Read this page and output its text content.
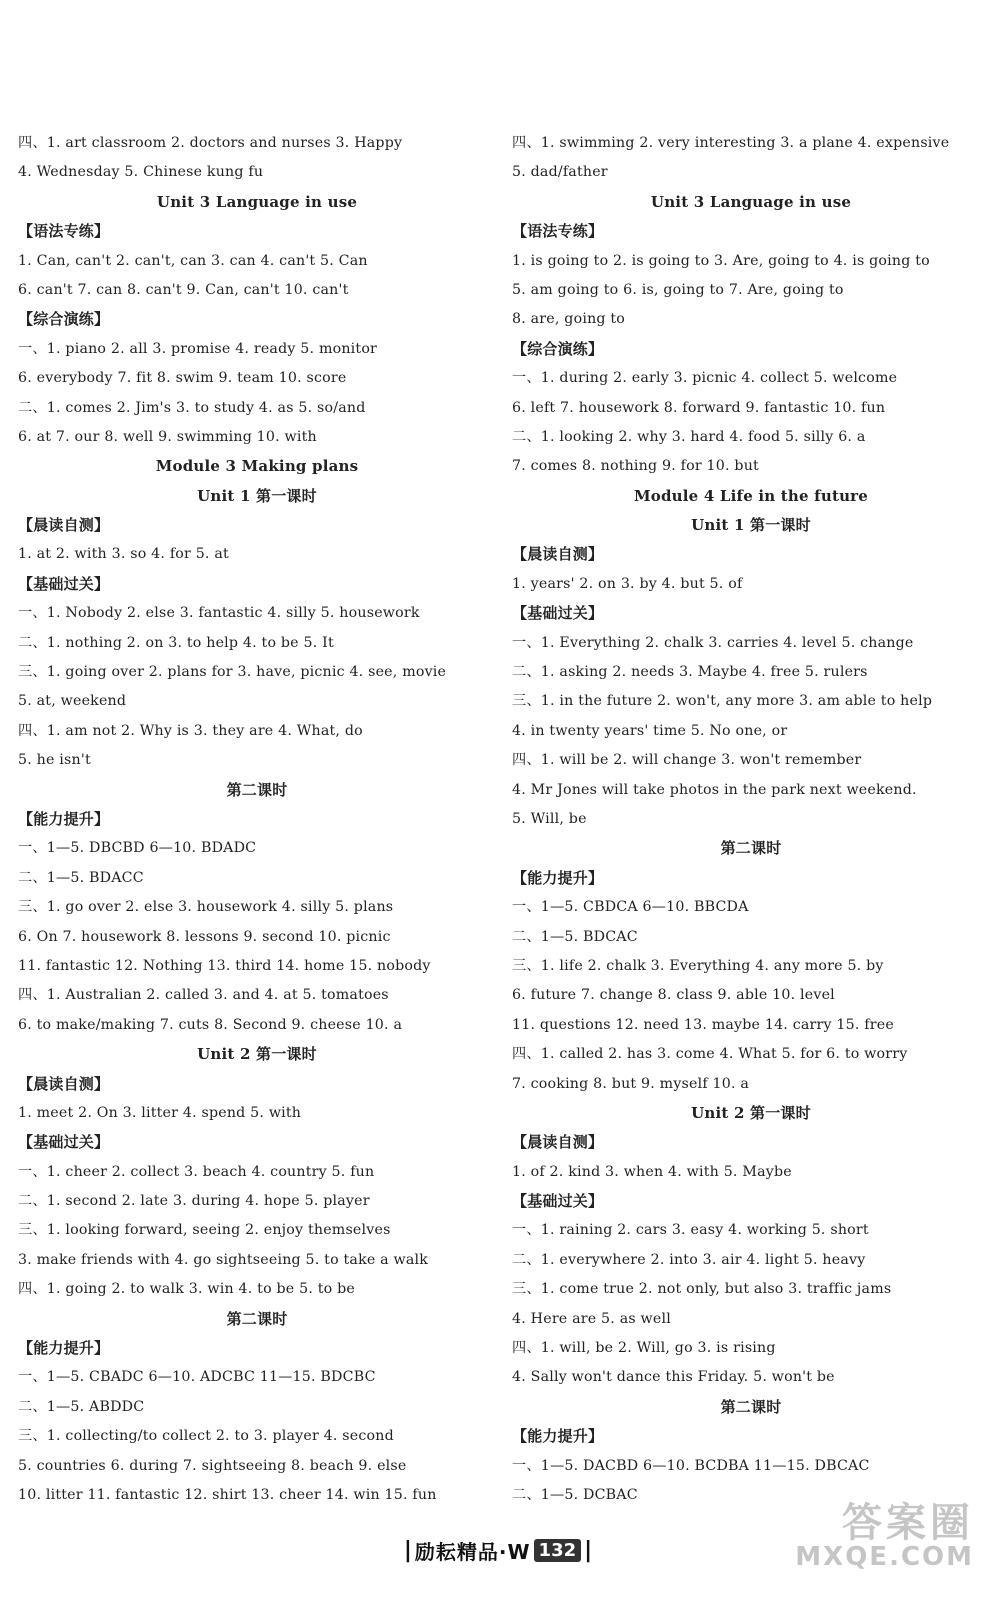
四、1. art classroom 2. doctors and nurses 3. Happy
4. Wednesday 5. Chinese kung fu
Unit 3 Language in use
【语法专练】
1. Can, can't 2. can't, can 3. can 4. can't 5. Can
6. can't 7. can 8. can't 9. Can, can't 10. can't
【综合演练】
一、1. piano 2. all 3. promise 4. ready 5. monitor
6. everybody 7. fit 8. swim 9. team 10. score
二、1. comes 2. Jim's 3. to study 4. as 5. so/and
6. at 7. our 8. well 9. swimming 10. with
Module 3 Making plans
Unit 1 第一课时
【晨读自测】
1. at 2. with 3. so 4. for 5. at
【基础过关】
一、1. Nobody 2. else 3. fantastic 4. silly 5. housework
二、1. nothing 2. on 3. to help 4. to be 5. It
三、1. going over 2. plans for 3. have, picnic 4. see, movie
5. at, weekend
四、1. am not 2. Why is 3. they are 4. What, do
5. he isn't
第二课时
【能力提升】
一、1—5. DBCBD 6—10. BDADC
二、1—5. BDACC
三、1. go over 2. else 3. housework 4. silly 5. plans
6. On 7. housework 8. lessons 9. second 10. picnic
11. fantastic 12. Nothing 13. third 14. home 15. nobody
四、1. Australian 2. called 3. and 4. at 5. tomatoes
6. to make/making 7. cuts 8. Second 9. cheese 10. a
Unit 2 第一课时
【晨读自测】
1. meet 2. On 3. litter 4. spend 5. with
【基础过关】
一、1. cheer 2. collect 3. beach 4. country 5. fun
二、1. second 2. late 3. during 4. hope 5. player
三、1. looking forward, seeing 2. enjoy themselves
3. make friends with 4. go sightseeing 5. to take a walk
四、1. going 2. to walk 3. win 4. to be 5. to be
第二课时
【能力提升】
一、1—5. CBADC 6—10. ADCBC 11—15. BDCBC
二、1—5. ABDDC
三、1. collecting/to collect 2. to 3. player 4. second
5. countries 6. during 7. sightseeing 8. beach 9. else
10. litter 11. fantastic 12. shirt 13. cheer 14. win 15. fun
四、1. swimming 2. very interesting 3. a plane 4. expensive
5. dad/father
Unit 3 Language in use
【语法专练】
1. is going to 2. is going to 3. Are, going to 4. is going to
5. am going to 6. is, going to 7. Are, going to
8. are, going to
【综合演练】
一、1. during 2. early 3. picnic 4. collect 5. welcome
6. left 7. housework 8. forward 9. fantastic 10. fun
二、1. looking 2. why 3. hard 4. food 5. silly 6. a
7. comes 8. nothing 9. for 10. but
Module 4 Life in the future
Unit 1 第一课时
【晨读自测】
1. years' 2. on 3. by 4. but 5. of
【基础过关】
一、1. Everything 2. chalk 3. carries 4. level 5. change
二、1. asking 2. needs 3. Maybe 4. free 5. rulers
三、1. in the future 2. won't, any more 3. am able to help
4. in twenty years' time 5. No one, or
四、1. will be 2. will change 3. won't remember
4. Mr Jones will take photos in the park next weekend.
5. Will, be
第二课时
【能力提升】
一、1—5. CBDCA 6—10. BBCDA
二、1—5. BDCAC
三、1. life 2. chalk 3. Everything 4. any more 5. by
6. future 7. change 8. class 9. able 10. level
11. questions 12. need 13. maybe 14. carry 15. free
四、1. called 2. has 3. come 4. What 5. for 6. to worry
7. cooking 8. but 9. myself 10. a
Unit 2 第一课时
【晨读自测】
1. of 2. kind 3. when 4. with 5. Maybe
【基础过关】
一、1. raining 2. cars 3. easy 4. working 5. short
二、1. everywhere 2. into 3. air 4. light 5. heavy
三、1. come true 2. not only, but also 3. traffic jams
4. Here are 5. as well
四、1. will, be 2. Will, go 3. is rising
4. Sally won't dance this Friday. 5. won't be
第二课时
【能力提升】
一、1—5. DACBD 6—10. BCDBA 11—15. DBCAC
二、1—5. DCBAC
| 励耘精品·W 132 |
答案圈
MXQE.COM
